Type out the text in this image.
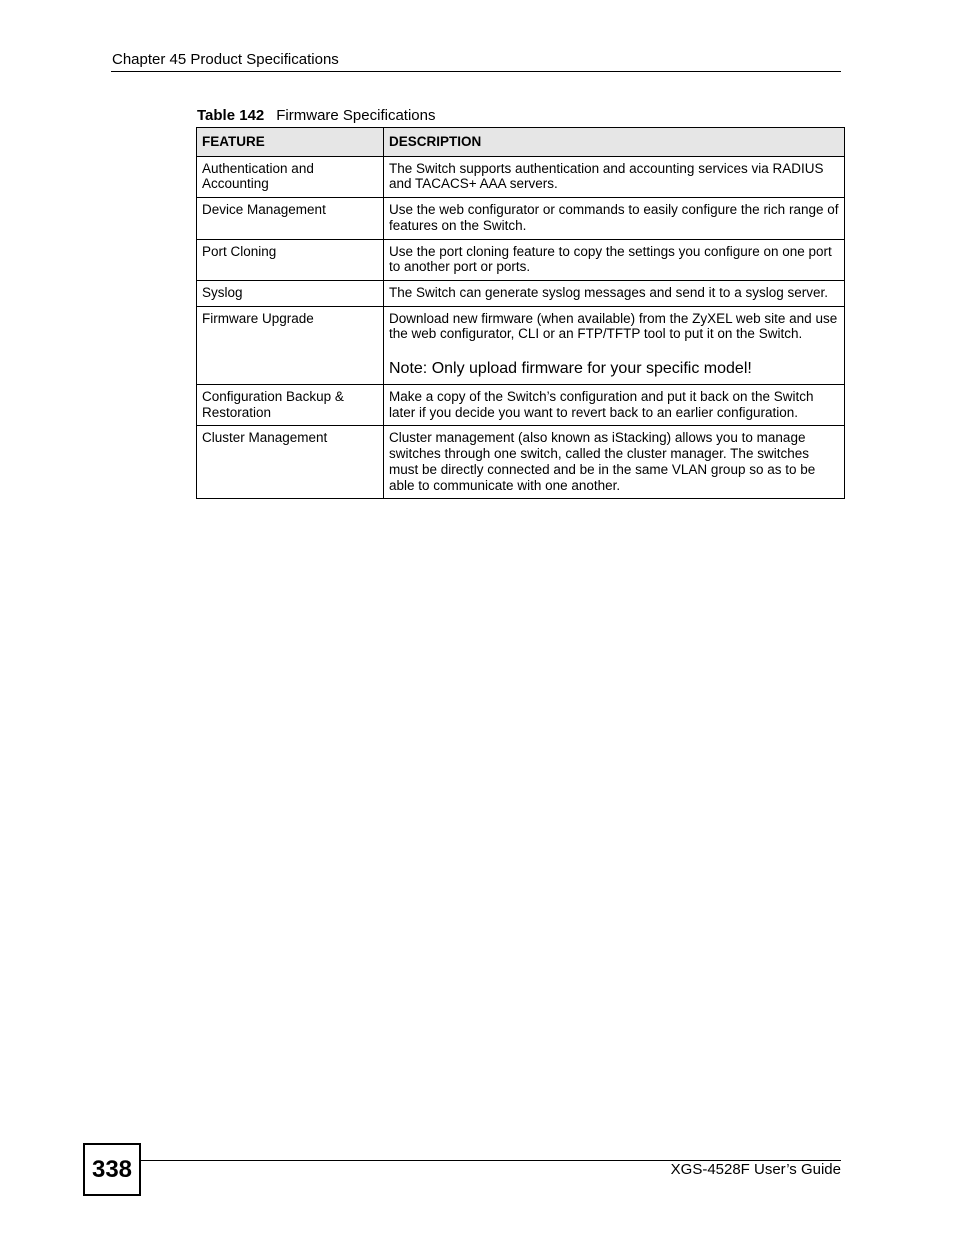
Chapter 45 Product Specifications
Table 142 Firmware Specifications
FEATURE	DESCRIPTION
Authentication and Accounting	The Switch supports authentication and accounting services via RADIUS and TACACS+ AAA servers.
Device Management	Use the web configurator or commands to easily configure the rich range of features on the Switch.
Port Cloning	Use the port cloning feature to copy the settings you configure on one port to another port or ports.
Syslog	The Switch can generate syslog messages and send it to a syslog server.
Firmware Upgrade	Download new firmware (when available) from the ZyXEL web site and use the web configurator, CLI or an FTP/TFTP tool to put it on the Switch.
Note: Only upload firmware for your specific model!

Configuration Backup & Restoration	Make a copy of the Switch’s configuration and put it back on the Switch later if you decide you want to revert back to an earlier configuration.
Cluster Management	Cluster management (also known as iStacking) allows you to manage switches through one switch, called the cluster manager. The switches must be directly connected and be in the same VLAN group so as to be able to communicate with one another.
338	XGS-4528F User’s Guide
